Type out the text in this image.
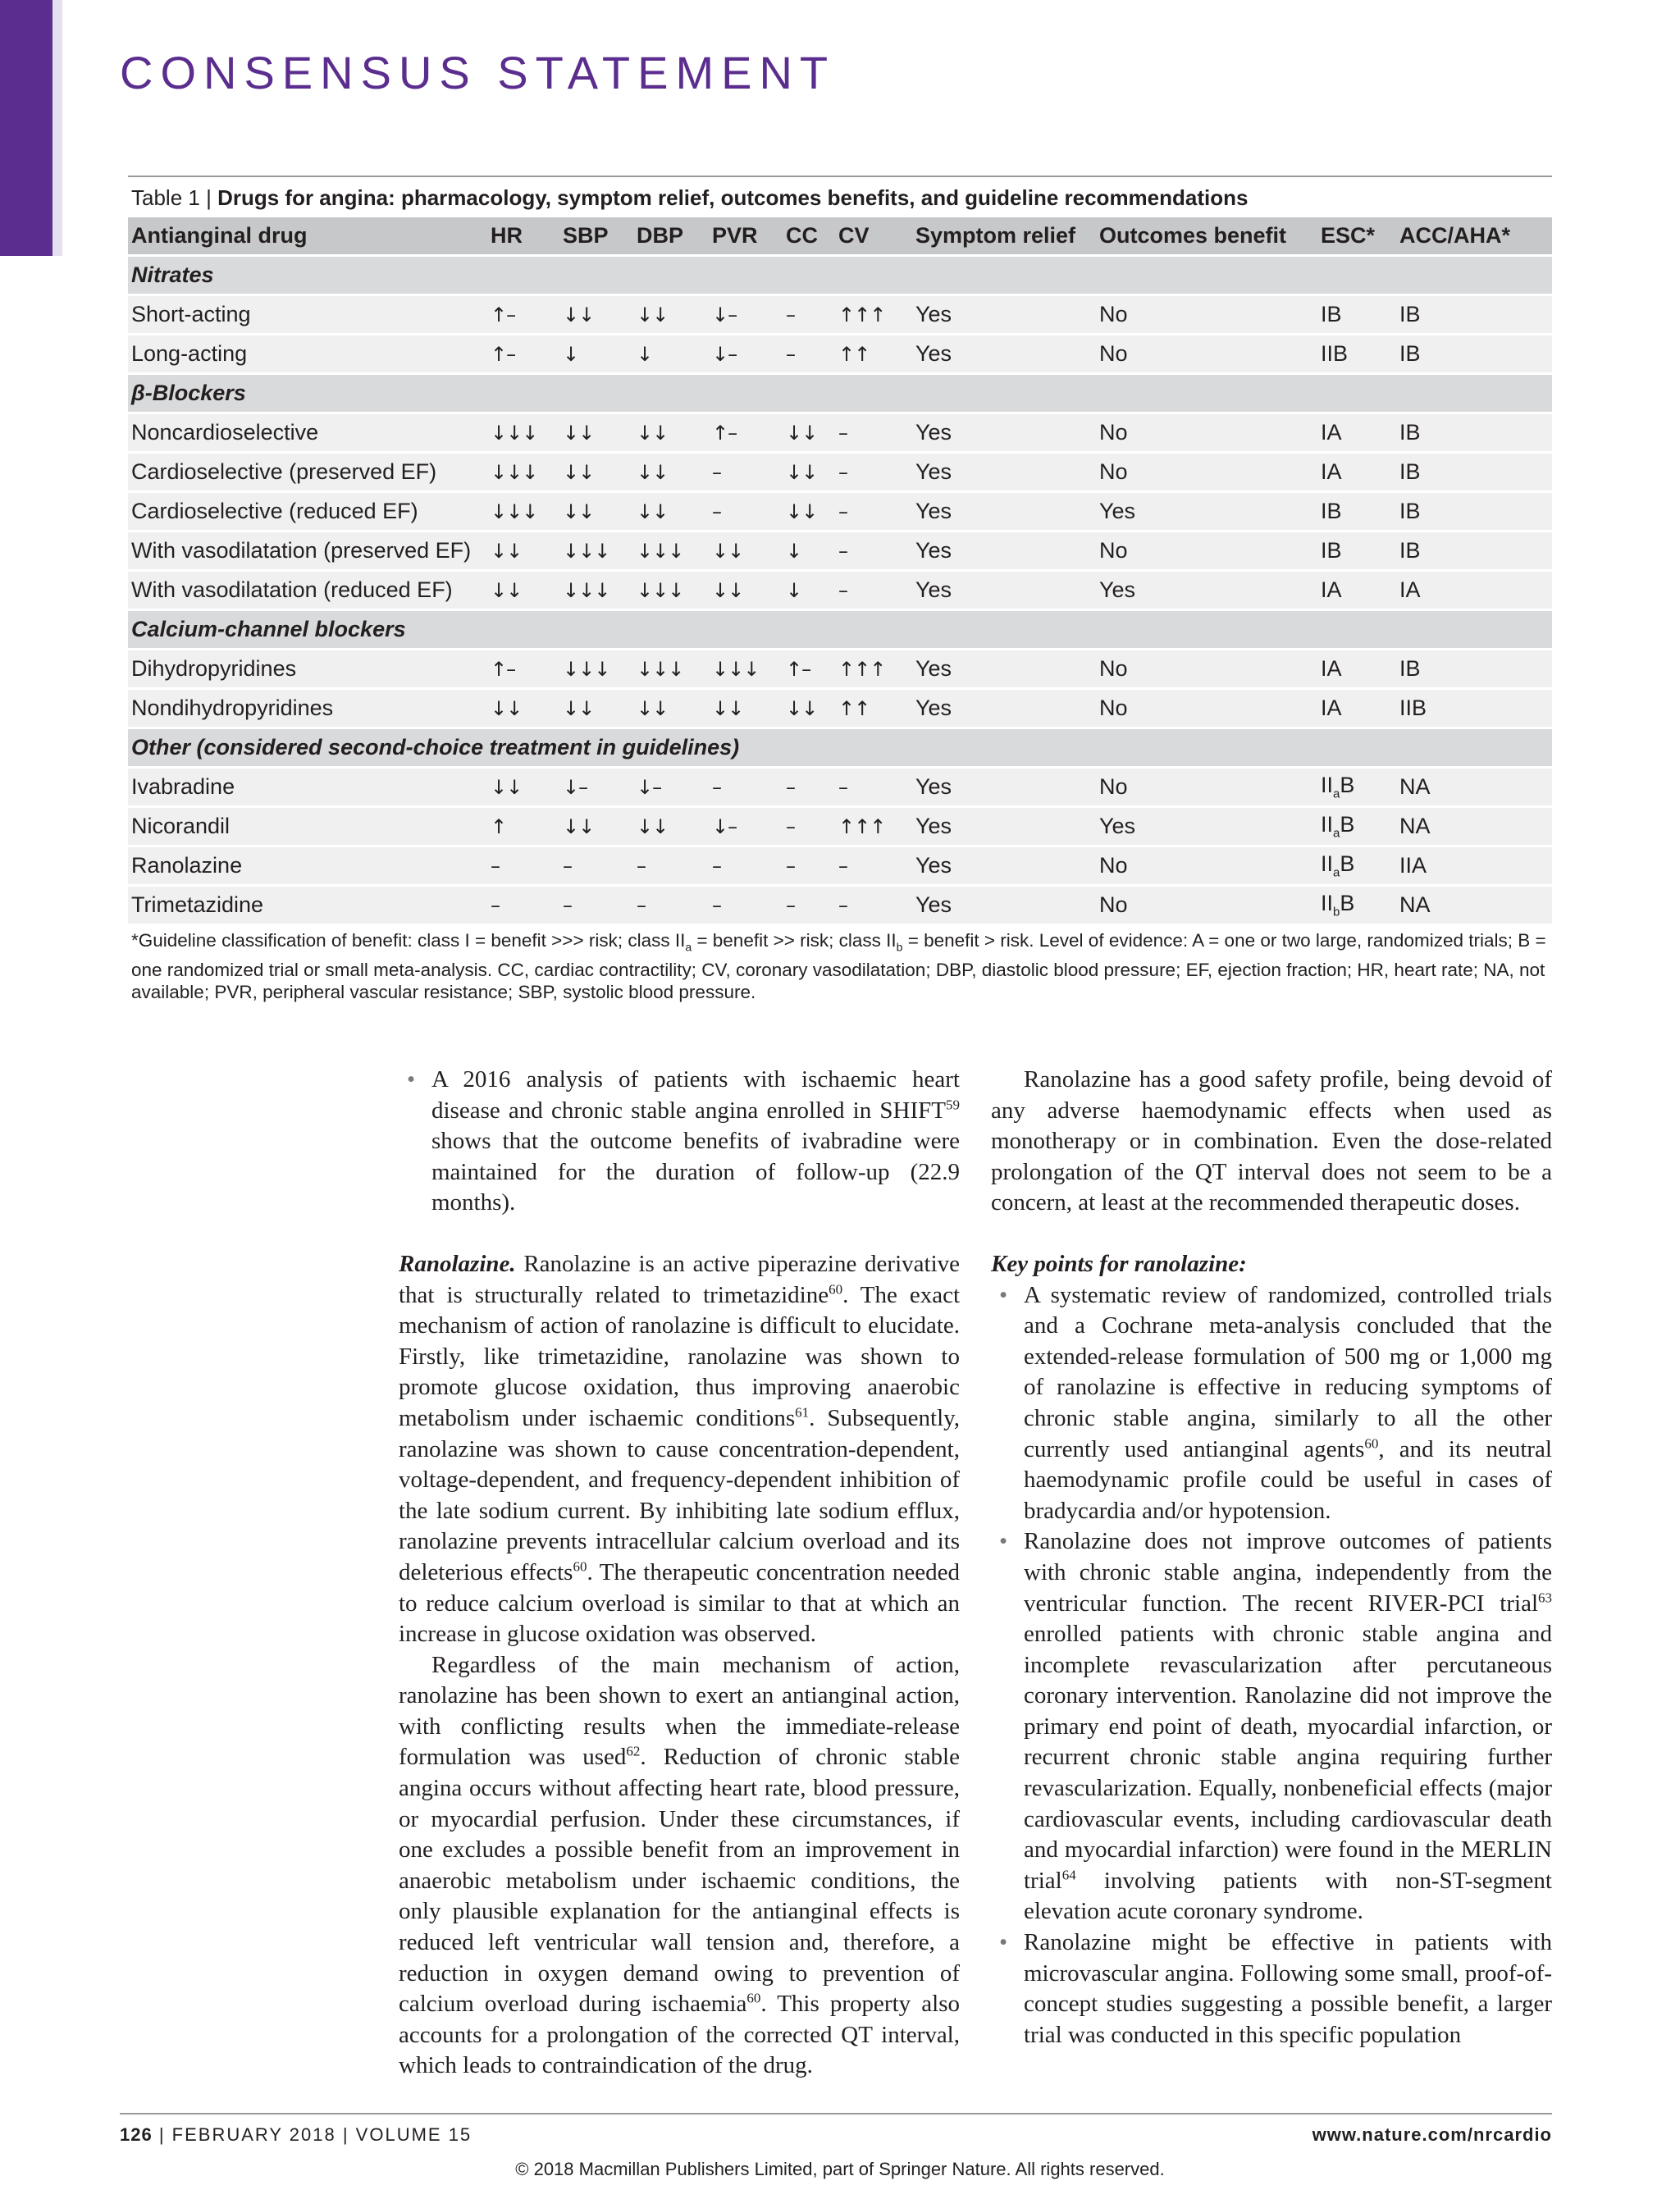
CONSENSUS STATEMENT
Table 1 | Drugs for angina: pharmacology, symptom relief, outcomes benefits, and guideline recommendations
Antianginal drug	HR	SBP	DBP	PVR	CC	CV	Symptom relief	Outcomes benefit	ESC*	ACC/AHA*
Nitrates										
Short-acting	↑–	↓↓	↓↓	↓–	–	↑↑↑	Yes	No	IB	IB
Long-acting	↑–	↓	↓	↓–	–	↑↑	Yes	No	IIB	IB
β-Blockers										
Noncardioselective	↓↓↓	↓↓	↓↓	↑–	↓↓	–	Yes	No	IA	IB
Cardioselective (preserved EF)	↓↓↓	↓↓	↓↓	–	↓↓	–	Yes	No	IA	IB
Cardioselective (reduced EF)	↓↓↓	↓↓	↓↓	–	↓↓	–	Yes	Yes	IB	IB
With vasodilatation (preserved EF)	↓↓	↓↓↓	↓↓↓	↓↓	↓	–	Yes	No	IB	IB
With vasodilatation (reduced EF)	↓↓	↓↓↓	↓↓↓	↓↓	↓	–	Yes	Yes	IA	IA
Calcium-channel blockers										
Dihydropyridines	↑–	↓↓↓	↓↓↓	↓↓↓	↑–	↑↑↑	Yes	No	IA	IB
Nondihydropyridines	↓↓	↓↓	↓↓	↓↓	↓↓	↑↑	Yes	No	IA	IIB
Other (considered second-choice treatment in guidelines)										
Ivabradine	↓↓	↓–	↓–	–	–	–	Yes	No	$II_aB$	NA
Nicorandil	↑	↓↓	↓↓	↓–	–	↑↑↑	Yes	Yes	$II_aB$	NA
Ranolazine	–	–	–	–	–	–	Yes	No	$II_aB$	IIA
Trimetazidine	–	–	–	–	–	–	Yes	No	$II_bB$	NA
*Guideline classification of benefit: class I = benefit >>> risk; class $II_a$ = benefit >> risk; class $II_b$ = benefit > risk. Level of evidence: A = one or two large, randomized trials; B = one randomized trial or small meta-analysis. CC, cardiac contractility; CV, coronary vasodilatation; DBP, diastolic blood pressure; EF, ejection fraction; HR, heart rate; NA, not available; PVR, peripheral vascular resistance; SBP, systolic blood pressure.

• A 2016 analysis of patients with ischaemic heart disease and chronic stable angina enrolled in SHIFT$^{59}$ shows that the outcome benefits of ivabradine were maintained for the duration of follow-up (22.9 months).

Ranolazine. Ranolazine is an active piperazine derivative that is structurally related to trimetazidine$^{60}$. The exact mechanism of action of ranolazine is difficult to elucidate. Firstly, like trimetazidine, ranolazine was shown to promote glucose oxidation, thus improving anaerobic metabolism under ischaemic conditions$^{61}$. Subsequently, ranolazine was shown to cause concentration-dependent, voltage-dependent, and frequency-dependent inhibition of the late sodium current. By inhibiting late sodium efflux, ranolazine prevents intracellular calcium overload and its deleterious effects$^{60}$. The therapeutic concentration needed to reduce calcium overload is similar to that at which an increase in glucose oxidation was observed.

Regardless of the main mechanism of action, ranolazine has been shown to exert an antianginal action, with conflicting results when the immediate-release formulation was used$^{62}$. Reduction of chronic stable angina occurs without affecting heart rate, blood pressure, or myocardial perfusion. Under these circumstances, if one excludes a possible benefit from an improvement in anaerobic metabolism under ischaemic conditions, the only plausible explanation for the antianginal effects is reduced left ventricular wall tension and, therefore, a reduction in oxygen demand owing to prevention of calcium overload during ischaemia$^{60}$. This property also accounts for a prolongation of the corrected QT interval, which leads to contraindication of the drug.

Ranolazine has a good safety profile, being devoid of any adverse haemodynamic effects when used as monotherapy or in combination. Even the dose-related prolongation of the QT interval does not seem to be a concern, at least at the recommended therapeutic doses.

Key points for ranolazine:

• A systematic review of randomized, controlled trials and a Cochrane meta-analysis concluded that the extended-release formulation of 500 mg or 1,000 mg of ranolazine is effective in reducing symptoms of chronic stable angina, similarly to all the other currently used antianginal agents$^{60}$, and its neutral haemodynamic profile could be useful in cases of bradycardia and/or hypotension.

• Ranolazine does not improve outcomes of patients with chronic stable angina, independently from the ventricular function. The recent RIVER-PCI trial$^{63}$ enrolled patients with chronic stable angina and incomplete revascularization after percutaneous coronary intervention. Ranolazine did not improve the primary end point of death, myocardial infarction, or recurrent chronic stable angina requiring further revascularization. Equally, nonbeneficial effects (major cardiovascular events, including cardiovascular death and myocardial infarction) were found in the MERLIN trial$^{64}$ involving patients with non-ST-segment elevation acute coronary syndrome.

• Ranolazine might be effective in patients with microvascular angina. Following some small, proof-of-concept studies suggesting a possible benefit, a larger trial was conducted in this specific population

126 | FEBRUARY 2018 | VOLUME 15	www.nature.com/nrcardio
© 2018 Macmillan Publishers Limited, part of Springer Nature. All rights reserved.
